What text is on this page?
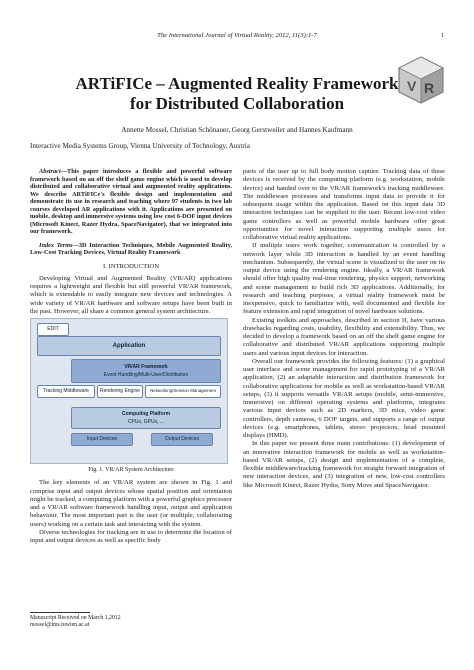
The International Journal of Virtual Reality, 2012, 11(3):1-7	1
V R
ARTiFICe – Augmented Reality Framework
for Distributed Collaboration
Annette Mossel, Christian Schönauer, Georg Gerstweiler and Hannes Kaufmann
Interactive Media Systems Group, Vienna University of Technology, Austria

Abstract—This paper introduces a flexible and powerful software framework based on an off the shelf game engine which is used to develop distributed and collaborative virtual and augmented reality applications. We describe ARTiFICe's flexible design and implementation and demonstrate its use in research and teaching where 97 students in two lab courses developed AR applications with it. Applications are presented on mobile, desktop and immersive systems using low cost 6-DOF input devices (Microsoft Kinect, Razer Hydra, SpaceNavigator), that we integrated into our framework.

Index Terms—3D Interaction Techniques, Mobile Augmented Reality, Low-Cost Tracking Devices, Virtual Reality Framework

I. INTRODUCTION

Developing Virtual and Augmented Reality (VR/AR) applications requires a lightweight and flexible but still powerful VR/AR framework, which is extendable to easily integrate new devices and technologies. A wide variety of VR/AR hardware and software setups have been built in the past. However, all share a common general system architecture.

EDIT
Application
VR/AR Framework
Event Handling/Multi-User/Distribution
Tracking Middleware	Rendering Engine	Networking/Session Management
Computing Platform
CPUs, GPUs, ...
Input Devices	Output Devices

Fig. 1. VR/AR System Architecture

The key elements of an VR/AR system are shown in Fig. 1 and comprise input and output devices whose spatial position and orientation might be tracked, a computing platform with a powerful graphics processor and a VR/AR software framework handling input, output and application behaviour. The most important part is the user (or multiple, collaborating users) working on a certain task and interacting with the system.

Diverse technologies for tracking are in use to determine the location of input and output devices as well as specific body

parts of the user up to full body motion capture. Tracking data of these devices is received by the computing platform (e.g. workstation, mobile device) and handed over to the VR/AR framework's tracking middleware. The middleware processes and transforms input data to provide it for subsequent usage within the application. Based on this input data 3D interaction techniques can be supplied to the user. Recent low-cost video game controllers as well as powerful mobile hardware offer great opportunities for novel interaction supporting multiple users for collaborative virtual reality applications.

If multiple users work together, communication is controlled by a network layer while 3D interaction is handled by an event handling mechanism. Subsequently, the virtual scene is visualized to the user on its output device using the rendering engine. Ideally, a VR/AR framework should offer high quality real-time rendering, physics support, networking and scene management to build rich 3D applications. Additionally, for research and teaching purposes, a virtual reality framework must be inexpensive, quick to familiarize with, well documented and flexible for feature extension and rapid integration of novel hardware solutions.

Existing toolkits and approaches, described in section II, have various drawbacks regarding costs, usability, flexibility and extensibility. Thus, we decided to develop a framework based on an off the shelf game engine for collaborative and distributed VR/AR applications supporting multiple users and various input devices for interaction.

Overall our framework provides the following features: (1) a graphical user interface and scene management for rapid prototyping of a VR/AR application, (2) an adaptable interaction and distribution framework for collaborative applications for mobile as well as workstation-based VR/AR setups, (3) it supports versatile VR/AR setups (mobile, semi-immersive, immersive) on different operating systems and platforms, integrates various input devices such as 2D markers, 3D mice, video game controllers, depth cameras, 6 DOF targets, and supports a range of output devices (e.g. smartphones, tablets, stereo projectors, head mounted displays (HMD).

In this paper we present three main contributions: (1) development of an innovative interaction framework for mobile as well as workstation-based VR/AR setups, (2) design and implementation of a complete, flexible middleware/tracking framework for straight forward integration of new interaction devices, and (3) integration of new, low-cost controllers like Microsoft Kinect, Razer Hydra, Sony Move and SpaceNavigator.

Manuscript Received on March 1,2012
mossel@ims.tuwien.ac.at
